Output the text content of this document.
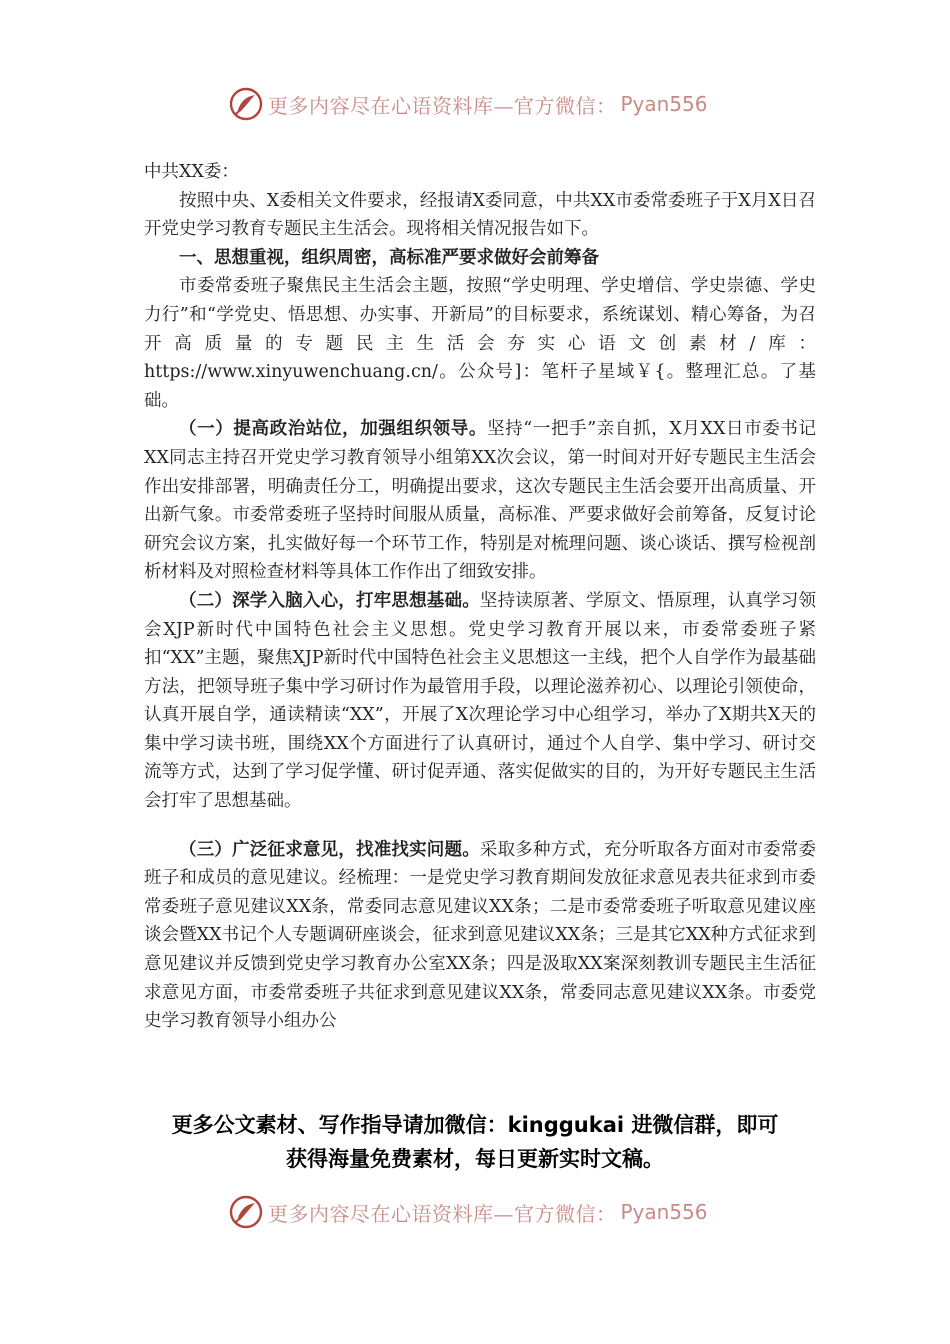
更多内容尽在心语资料库—官方微信： Pyan556

中共XX委：

按照中央、X委相关文件要求，经报请X委同意，中共XX市委常委班子于X月X日召开党史学习教育专题民主生活会。现将相关情况报告如下。

一、思想重视，组织周密，高标准严要求做好会前筹备

市委常委班子聚焦民主生活会主题，按照“学史明理、学史增信、学史崇德、学史力行”和“学党史、悟思想、办实事、开新局”的目标要求，系统谋划、精心筹备，为召开高质量的专题民主生活会夯实心语文创素材/库：https://www.xinyuwenchuang.cn/。公众号]：笔杆子星域￥{。整理汇总。了基础。

（一）提高政治站位，加强组织领导。坚持“一把手”亲自抓，X月XX日市委书记XX同志主持召开党史学习教育领导小组第XX次会议，第一时间对开好专题民主生活会作出安排部署，明确责任分工，明确提出要求，这次专题民主生活会要开出高质量、开出新气象。市委常委班子坚持时间服从质量，高标准、严要求做好会前筹备，反复讨论研究会议方案，扎实做好每一个环节工作，特别是对梳理问题、谈心谈话、撰写检视剖析材料及对照检查材料等具体工作作出了细致安排。

（二）深学入脑入心，打牢思想基础。坚持读原著、学原文、悟原理，认真学习领会XJP新时代中国特色社会主义思想。党史学习教育开展以来，市委常委班子紧扣“XX”主题，聚焦XJP新时代中国特色社会主义思想这一主线，把个人自学作为最基础方法，把领导班子集中学习研讨作为最管用手段，以理论滋养初心、以理论引领使命，认真开展自学，通读精读“XX”，开展了X次理论学习中心组学习，举办了X期共X天的集中学习读书班，围绕XX个方面进行了认真研讨，通过个人自学、集中学习、研讨交流等方式，达到了学习促学懂、研讨促弄通、落实促做实的目的，为开好专题民主生活会打牢了思想基础。

（三）广泛征求意见，找准找实问题。采取多种方式，充分听取各方面对市委常委班子和成员的意见建议。经梳理：一是党史学习教育期间发放征求意见表共征求到市委常委班子意见建议XX条，常委同志意见建议XX条；二是市委常委班子听取意见建议座谈会暨XX书记个人专题调研座谈会，征求到意见建议XX条；三是其它XX种方式征求到意见建议并反馈到党史学习教育办公室XX条；四是汲取XX案深刻教训专题民主生活征求意见方面，市委常委班子共征求到意见建议XX条，常委同志意见建议XX条。市委党史学习教育领导小组办公

更多公文素材、写作指导请加微信：kinggukai 进微信群，即可
获得海量免费素材，每日更新实时文稿。
更多内容尽在心语资料库—官方微信： Pyan556
